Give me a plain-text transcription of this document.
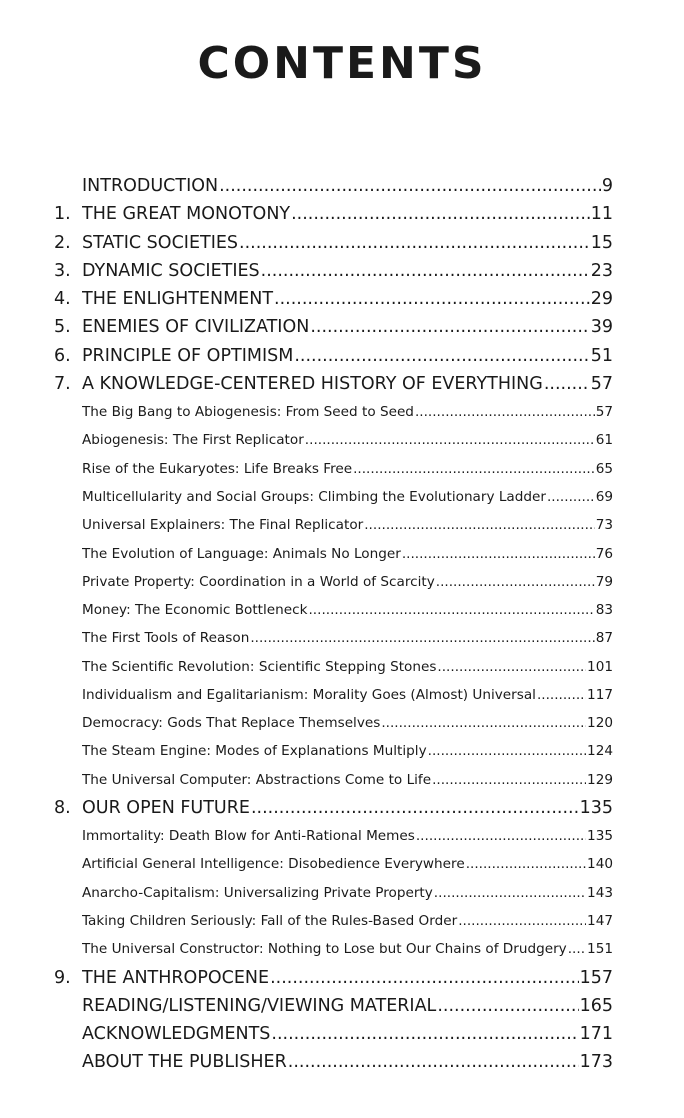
CONTENTS
INTRODUCTION .....	9
1. THE GREAT MONOTONY .....	11
2. STATIC SOCIETIES .....	15
3. DYNAMIC SOCIETIES .....	23
4. THE ENLIGHTENMENT .....	29
5. ENEMIES OF CIVILIZATION .....	39
6. PRINCIPLE OF OPTIMISM .....	51
7. A KNOWLEDGE-CENTERED HISTORY OF EVERYTHING .....	57
The Big Bang to Abiogenesis: From Seed to Seed .....	57
Abiogenesis: The First Replicator .....	61
Rise of the Eukaryotes: Life Breaks Free .....	65
Multicellularity and Social Groups: Climbing the Evolutionary Ladder .....	69
Universal Explainers: The Final Replicator .....	73
The Evolution of Language: Animals No Longer .....	76
Private Property: Coordination in a World of Scarcity .....	79
Money: The Economic Bottleneck .....	83
The First Tools of Reason .....	87
The Scientific Revolution: Scientific Stepping Stones .....	101
Individualism and Egalitarianism: Morality Goes (Almost) Universal .....	117
Democracy: Gods That Replace Themselves .....	120
The Steam Engine: Modes of Explanations Multiply .....	124
The Universal Computer: Abstractions Come to Life .....	129
8. OUR OPEN FUTURE .....	135
Immortality: Death Blow for Anti-Rational Memes .....	135
Artificial General Intelligence: Disobedience Everywhere .....	140
Anarcho-Capitalism: Universalizing Private Property .....	143
Taking Children Seriously: Fall of the Rules-Based Order .....	147
The Universal Constructor: Nothing to Lose but Our Chains of Drudgery ..... 151
9. THE ANTHROPOCENE .....	157
READING/LISTENING/VIEWING MATERIAL .....	165
ACKNOWLEDGMENTS .....	171
ABOUT THE PUBLISHER .....	173
